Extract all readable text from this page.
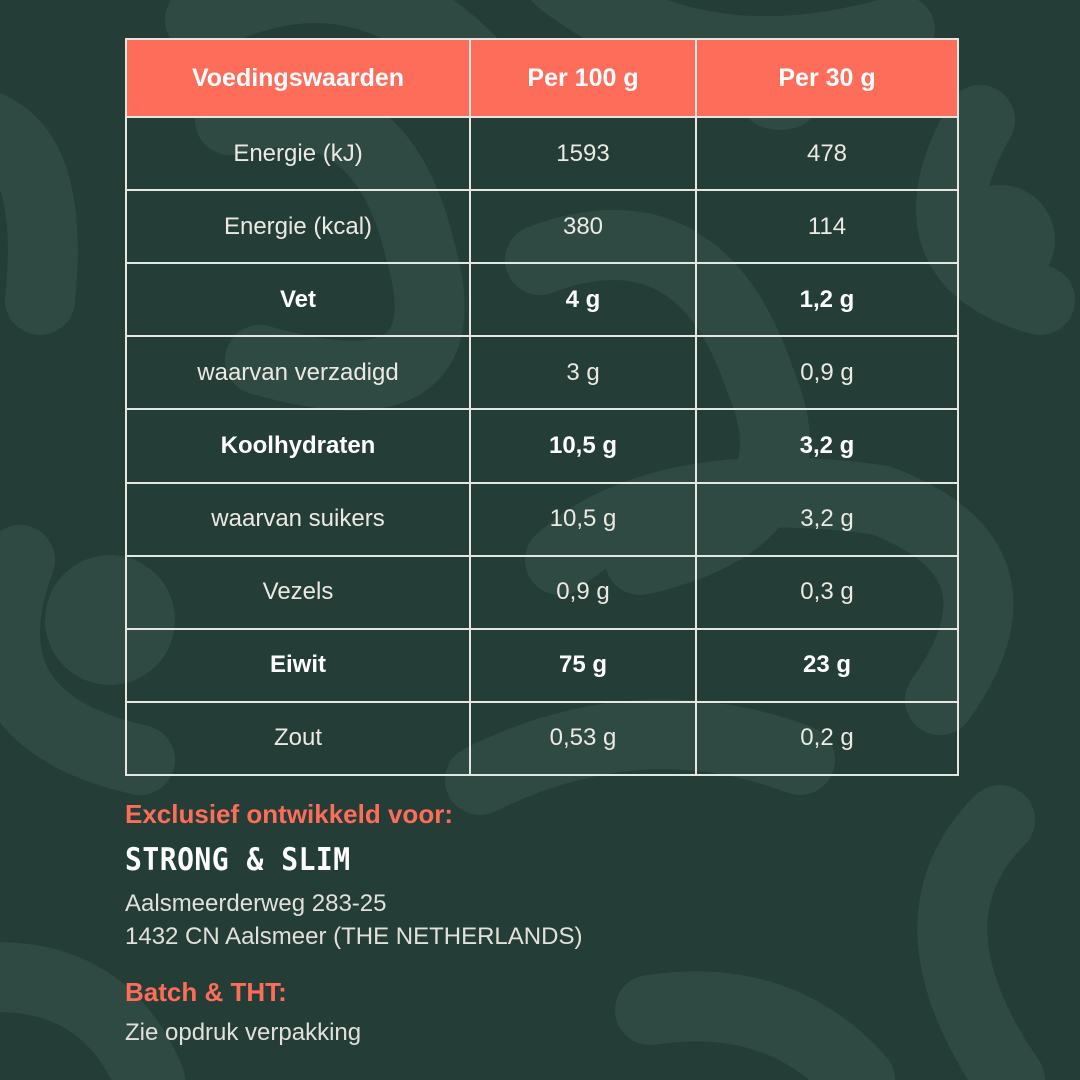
Voedingswaarden	Per 100 g	Per 30 g
Energie (kJ)	1593	478
Energie (kcal)	380	114
Vet	4 g	1,2 g
waarvan verzadigd	3 g	0,9 g
Koolhydraten	10,5 g	3,2 g
waarvan suikers	10,5 g	3,2 g
Vezels	0,9 g	0,3 g
Eiwit	75 g	23 g
Zout	0,53 g	0,2 g

Exclusief ontwikkeld voor:

STRONG & SLIM
Aalsmeerderweg 283-25
1432 CN Aalsmeer (THE NETHERLANDS)

Batch & THT:

Zie opdruk verpakking
